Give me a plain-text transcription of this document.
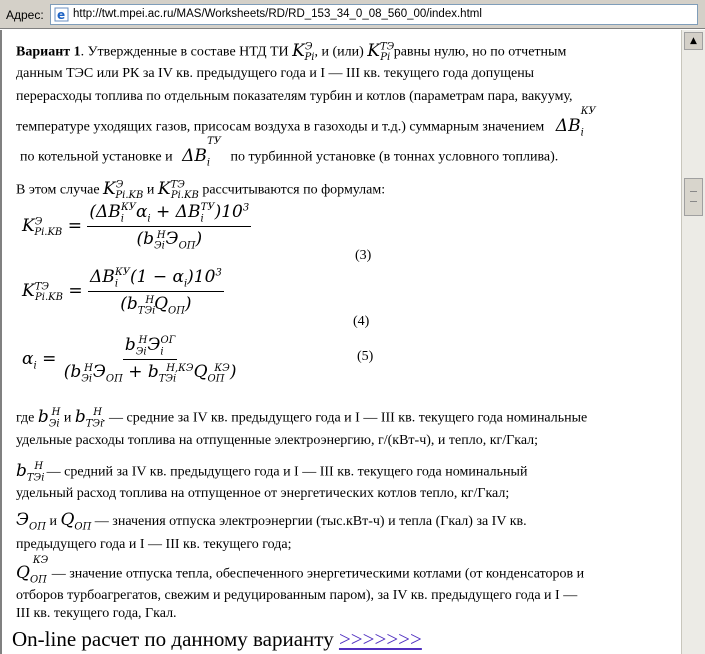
Адрес: e http://twt.mpei.ac.ru/MAS/Worksheets/RD/RD_153_34_0_08_560_00/index.html
Вариант 1. Утвержденные в составе НТД ТИ $K^Э_{Pi}$, и (или) $K^{ТЭ}_{Pi}$ равны нулю, но по отчетным
данным ТЭС или РК за IV кв. предыдущего года и I — III кв. текущего года допущены
перерасходы топлива по отдельным показателям турбин и котлов (параметрам пара, вакууму,
температуре уходящих газов, присосам воздуха в газоходы и т.д.) суммарным значением $\Delta B_i^{КУ}$
по котельной установке и $\Delta B_i^{ТУ}$ по турбинной установке (в тоннах условного топлива).
В этом случае $K^Э_{Pi.KB}$ и $K^{ТЭ}_{Pi.KB}$ рассчитываются по формулам:
$K^Э_{Pi.KB} = \frac{(\Delta B_i^{КУ}\alpha_i + \Delta B_i^{ТУ})10^3}{(b_{Эi}^НЭ_{ОП})}$
(3)
$K^{ТЭ}_{Pi.KB} = \frac{\Delta B_i^{КУ}(1 - \alpha_i)10^3}{(b_{ТЭi}^НQ_{ОП})}$
(4)
$\alpha_i = \frac{b_{Эi}^НЭ_i^{ОГ}}{(b_{Эi}^НЭ_{ОП} + b_{ТЭi}^{Н,КЭ}Q_{ОП}^{КЭ})}$	(5)
где $b_{Эi}^Н$ и $b_{ТЭi}^Н$. — средние за IV кв. предыдущего года и I — III кв. текущего года номинальные
удельные расходы топлива на отпущенные электроэнергию, г/(кВт-ч), и тепло, кг/Гкал;
$b_{ТЭi}^Н$ — средний за IV кв. предыдущего года и I — III кв. текущего года номинальный
удельный расход топлива на отпущенное от энергетических котлов тепло, кг/Гкал;
$Э_{ОП}$ и $Q_{ОП}$ — значения отпуска электроэнергии (тыс.кВт-ч) и тепла (Гкал) за IV кв.
предыдущего года и I — III кв. текущего года;
$Q_{ОП}^{КЭ}$ — значение отпуска тепла, обеспеченного энергетическими котлами (от конденсаторов и
отборов турбоагрегатов, свежим и редуцированным паром), за IV кв. предыдущего года и I —
III кв. текущего года, Гкал.
On-line расчет по данному варианту >>>>>>>
▲
